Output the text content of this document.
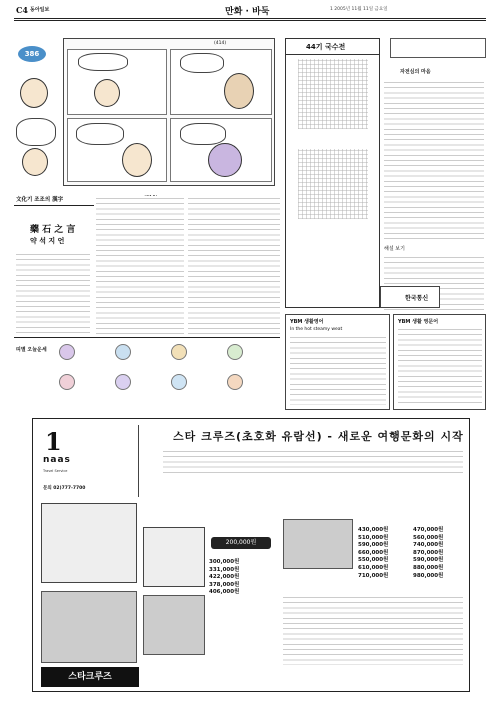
C4 동아일보	만화 · 바둑	1 2005년 11월 11일 금요일
386
(414)
文化기 조조의 漢字
藥 石 之 言
약 석 지 언
띠별 오늘운세
44기 국수전
자전심의 마음
해설 보기
한국통신
YBM 생활영어
In the hot steamy weat
YBM 생활 영문어
1
naas
Travel Service
문의 02)777-7700
스타 크루즈(초호화 유람선) - 새로운 여행문화의 시작
스타크루즈
200,000원
300,000원
331,000원
422,000원
378,000원
406,000원
430,000원
510,000원
590,000원
660,000원
550,000원
610,000원
710,000원
470,000원
560,000원
740,000원
870,000원
590,000원
880,000원
980,000원
